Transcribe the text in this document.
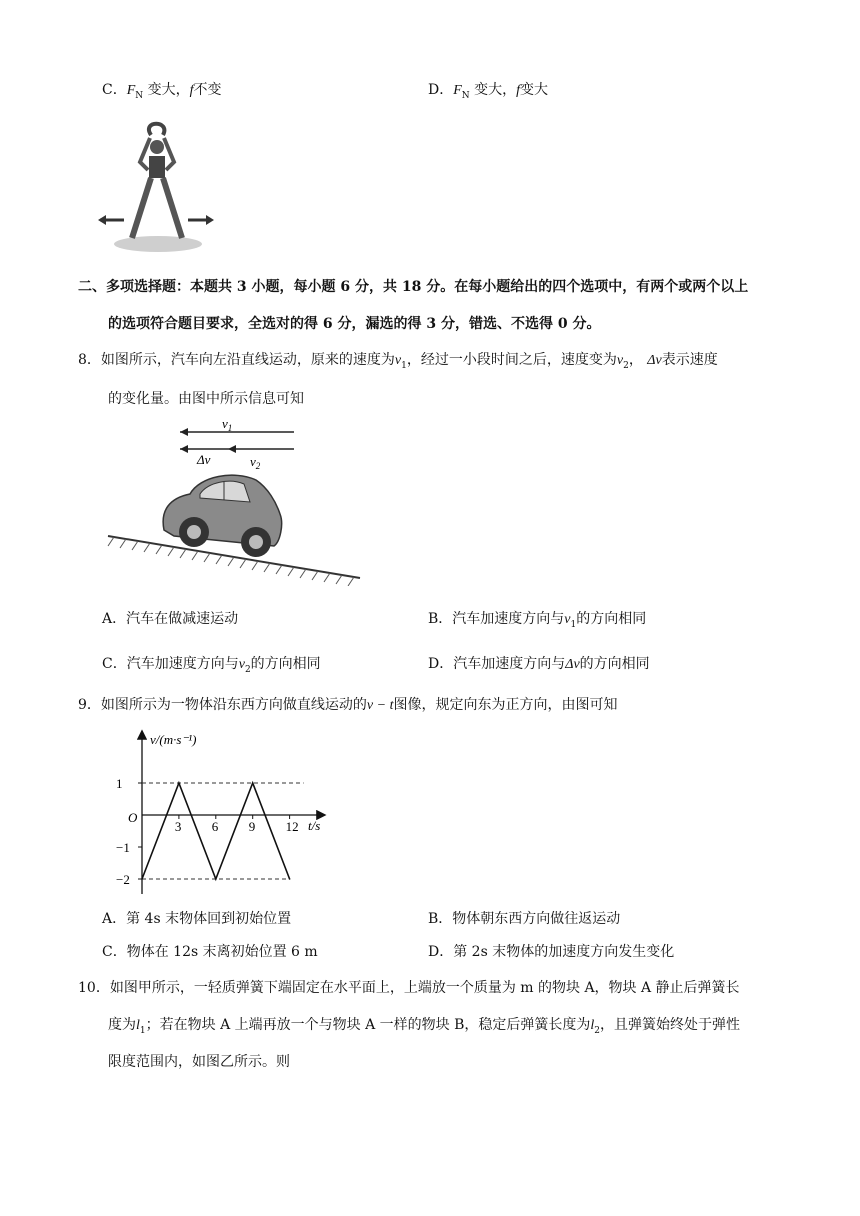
C．$F_N$ 变大，f不变	D．$F_N$ 变大，f变大
二、多项选择题：本题共 3 小题，每小题 6 分，共 18 分。在每小题给出的四个选项中，有两个或两个以上
的选项符合题目要求，全选对的得 6 分，漏选的得 3 分，错选、不选得 0 分。
8．如图所示，汽车向左沿直线运动，原来的速度为$v_1$，经过一小段时间之后，速度变为$v_2$， Δv表示速度
的变化量。由图中所示信息可知
$v_1$
Δv	$v_2$
A．汽车在做减速运动	B．汽车加速度方向与$v_1$的方向相同
C．汽车加速度方向与$v_2$的方向相同	D．汽车加速度方向与Δv的方向相同
9．如图所示为一物体沿东西方向做直线运动的v − t图像，规定向东为正方向，由图可知
v/(m·s⁻¹)
t/s
O
3 6 9 12
1
−1
−2
A．第 4s 末物体回到初始位置	B．物体朝东西方向做往返运动
C．物体在 12s 末离初始位置 6 m	D．第 2s 末物体的加速度方向发生变化
10．如图甲所示，一轻质弹簧下端固定在水平面上，上端放一个质量为 m 的物块 A，物块 A 静止后弹簧长
度为$l_1$；若在物块 A 上端再放一个与物块 A 一样的物块 B，稳定后弹簧长度为$l_2$，且弹簧始终处于弹性
限度范围内，如图乙所示。则
